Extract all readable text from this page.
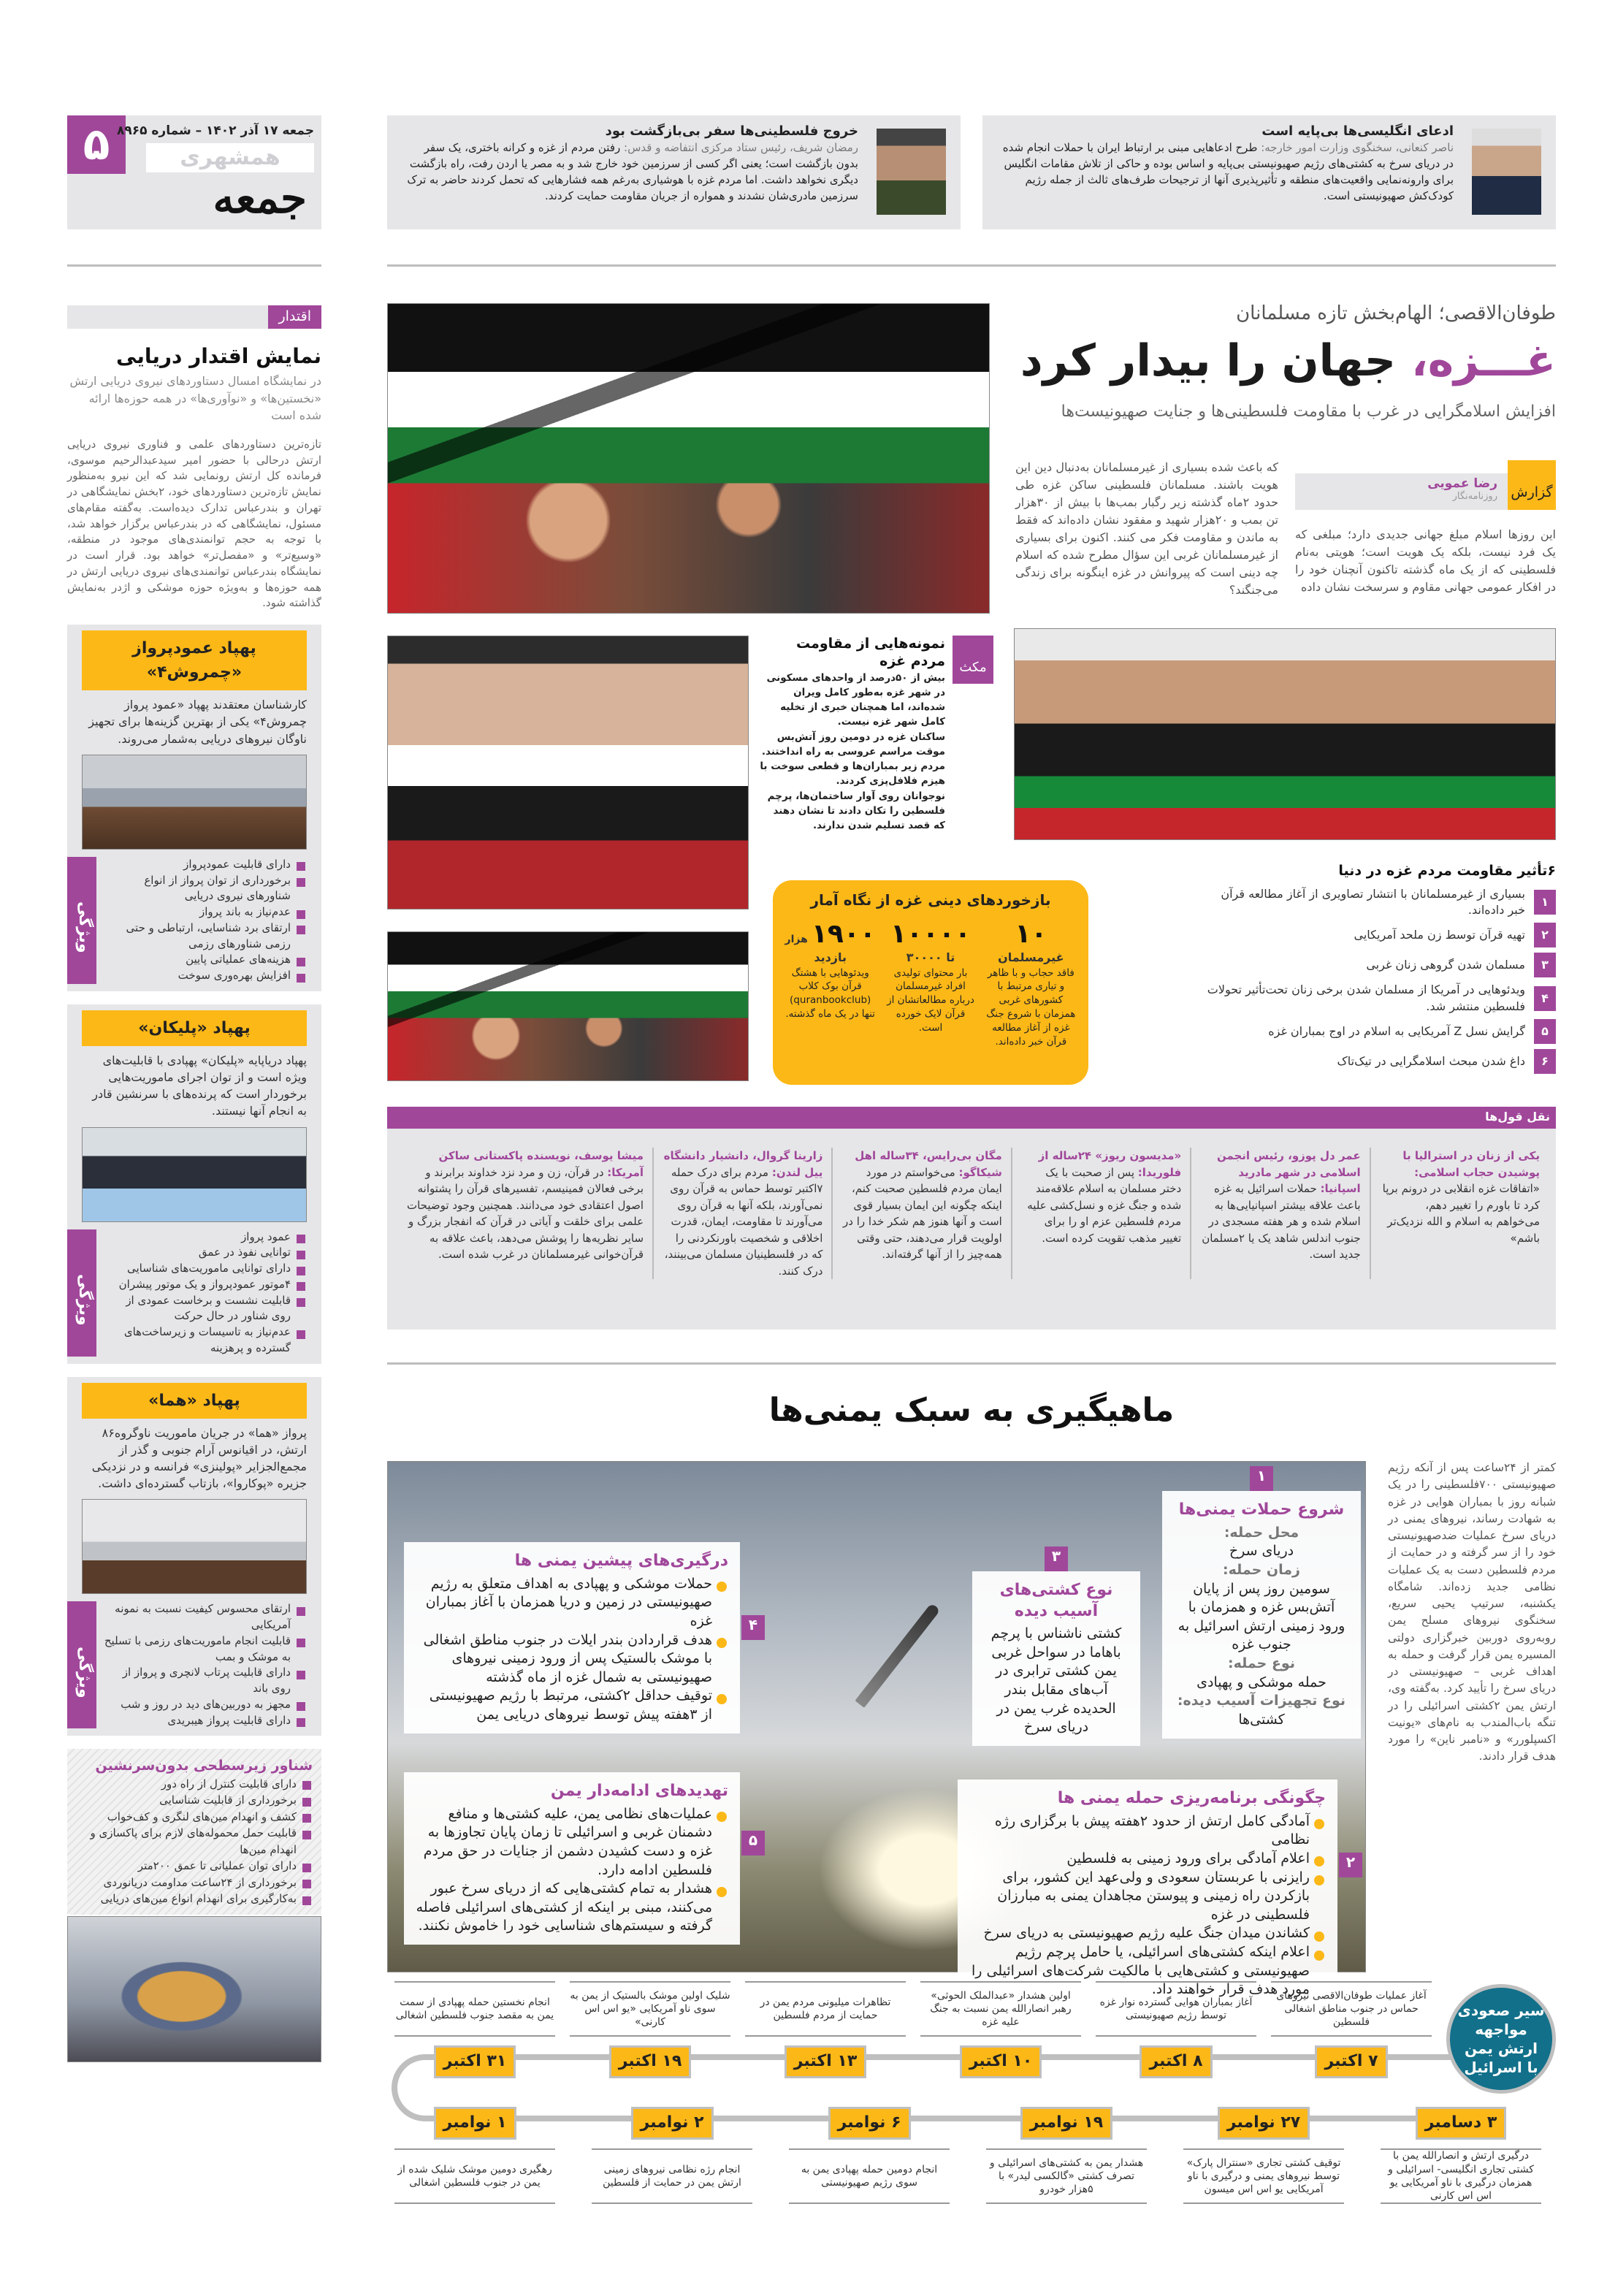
۵ جمعه ۱۷ آذر ۱۴۰۲ – شماره ۸۹۶۵
همشهری
جمعه
ادعای انگلیسی‌ها بی‌پایه است
ناصر کنعانی، سخنگوی وزارت امور خارجه: طرح ادعاهایی مبنی بر ارتباط ایران با حملات انجام شده در دریای سرخ به کشتی‌های رژیم صهیونیستی بی‌پایه و اساس بوده و حاکی از تلاش مقامات انگلیس برای وارونه‌نمایی واقعیت‌های منطقه و تأثیرپذیری آنها از ترجیحات طرف‌های ثالث از جمله رژیم کودک‌کش صهیونیستی است.
خروج فلسطینی‌ها سفر بی‌بازگشت بود
رمضان شریف، رئیس ستاد مرکزی انتفاضه و قدس: رفتن مردم از غزه و کرانه باختری، یک سفر بدون بازگشت است؛ یعنی اگر کسی از سرزمین خود خارج شد و به مصر یا اردن رفت، راه بازگشت دیگری نخواهد داشت. اما مردم غزه با هوشیاری به‌رغم همه فشارهایی که تحمل کردند حاضر به ترک سرزمین مادری‌شان نشدند و همواره از جریان مقاومت حمایت کردند.
اقتدار
نمایش اقتدار دریایی

در نمایشگاه امسال دستاوردهای نیروی دریایی ارتش «نخستین‌ها» و «نوآوری‌ها» در همه حوزه‌ها ارائه شده است

تازه‌ترین دستاوردهای علمی و فناوری نیروی دریایی ارتش درحالی با حضور امیر سیدعبدالرحیم موسوی، فرمانده کل ارتش رونمایی شد که این نیرو به‌منظور نمایش تازه‌ترین دستاوردهای خود، ۲بخش نمایشگاهی در تهران و بندرعباس تدارک دیده‌است. به‌گفته مقام‌های مسئول، نمایشگاهی که در بندرعباس برگزار خواهد شد، با توجه به حجم توانمندی‌های موجود در منطقه، «وسیع‌تر» و «مفصل‌تر» خواهد بود. قرار است در نمایشگاه بندرعباس توانمندی‌های نیروی دریایی ارتش در همه حوزه‌ها و به‌ویژه حوزه موشکی و اژدر به‌نمایش گذاشته شود.

پهپاد عمودپرواز «چمروش۴»

کارشناسان معتقدند پهپاد «عمود پرواز چمروش۴» یکی از بهترین گزینه‌ها برای تجهیز ناوگان نیروهای دریایی به‌شمار می‌روند.

دارای قابلیت عمودپرواز
برخورداری از توان پرواز از انواع شناورهای نیروی دریایی
عدم‌نیاز به باند پرواز
ارتقای برد شناسایی، ارتباطی و حتی رزمی شناورهای رزمی
هزینه‌های عملیاتی پایین
افزایش بهره‌وری سوخت
ویژگی
پهپاد «پلیکان»

پهپاد دریاپایه «پلیکان» پهپادی با قابلیت‌های ویژه است و از توان اجرای ماموریت‌هایی برخوردار است که پرنده‌های با سرنشین قادر به انجام آنها نیستند.

عمود پرواز
توانایی نفوذ در عمق
دارای توانایی ماموریت‌های شناسایی
۴موتور عمودپرواز و یک موتور پیشران
قابلیت نشست و برخاست عمودی از روی شناور در حال حرکت
عدم‌نیاز به تاسیسات و زیرساخت‌های گسترده و پرهزینه
ویژگی
پهپاد «هما»

پرواز «هما» در جریان ماموریت ناوگروه۸۶ ارتش، در اقیانوس آرام جنوبی و گذر از مجمع‌الجزایر «پولینزی» فرانسه و در نزدیکی جزیره «پوکاروا»، بازتاب گسترده‌ای داشت.

ارتقای محسوس کیفیت نسبت به نمونه آمریکایی
قابلیت انجام ماموریت‌های رزمی با تسلیح به موشک و بمب
دارای قابلیت پرتاب لانچری و پرواز از روی باند
مجهز به دوربین‌های دید در روز و شب
دارای قابلیت پرواز هیبریدی
ویژگی
شناور زیرسطحی بدون‌سرنشین
دارای قابلیت کنترل از راه دور
برخورداری از قابلیت شناسایی
کشف و انهدام مین‌های لنگری و کف‌خواب
قابلیت حمل محموله‌های لازم برای پاکسازی و انهدام مین‌ها
دارای توان عملیاتی تا عمق ۲۰۰متر
برخورداری از ۲۴ساعت مداومت دریانوردی
به‌کارگیری برای انهدام انواع مین‌های دریایی
طوفان‌الاقصی؛ الهام‌بخش تازه مسلمانان
غـــزه، جهان را بیدار کرد
افزایش اسلامگرایی در غرب با مقاومت فلسطینی‌ها و جنایت صهیونیست‌ها
گزارش
رضا عمویی
روزنامه‌نگار

این روزها اسلام مبلغ جهانی جدیدی دارد؛ مبلغی که یک فرد نیست، بلکه یک هویت است؛ هویتی به‌نام فلسطینی که از یک ماه گذشته تاکنون آنچنان خود را در افکار عمومی جهانی مقاوم و سرسخت نشان داده

که باعث شده بسیاری از غیرمسلمانان به‌دنبال دین این هویت باشند. مسلمانان فلسطینی ساکن غزه طی حدود ۲ماه گذشته زیر رگبار بمب‌ها با بیش از ۳۰هزار تن بمب و ۲۰هزار شهید و مفقود نشان داده‌اند که فقط به ماندن و مقاومت فکر می کنند. اکنون برای بسیاری از غیرمسلمانان غربی این سؤال مطرح شده که اسلام چه دینی است که پیروانش در غزه اینگونه برای زندگی می‌جنگند؟

مکث
نمونه‌هایی از مقاومت مردم غزه

بیش از ۵۰درصد از واحدهای مسکونی در شهر غزه به‌طور کامل ویران شده‌اند، اما همچنان خبری از تخلیه کامل شهر غزه نیست.

ساکنان غزه در دومین روز آتش‌بس موقت مراسم عروسی به راه انداختند.

مردم زیر بمباران‌ها و قطعی سوخت با هیزم فلافل‌پزی کردند.

نوجوانان روی آوار ساختمان‌ها، پرچم فلسطین را تکان دادند تا نشان دهند که قصد تسلیم شدن ندارند.

بازخوردهای دینی غزه از نگاه آمار
۱۰
غیرمسلمان
فاقد حجاب و با ظاهر و تیاری مرتبط با کشورهای غربی همزمان با شروع جنگ غزه از آغاز مطالعه قرآن خبر داده‌اند.
۱۰۰۰۰
تا ۳۰۰۰۰
بار محتوای تولیدی افراد غیرمسلمان درباره مطالعاتشان از قرآن لایک خورده است.
۱۹۰۰ هزار
بازدید
ویدئوهایی با هشتگ قرآن بوک کلاب (quranbookclub) تنها در یک ماه گذشته.
۶تأثیر مقاومت مردم غزه در دنیا
۱
بسیاری از غیرمسلمانان با انتشار تصاویری از آغاز مطالعه قرآن خبر داده‌اند.
۲
تهیه قرآن توسط زن ملحد آمریکایی
۳
مسلمان شدن گروهی زنان غربی
۴
ویدئوهایی در آمریکا از مسلمان شدن برخی زنان تحت‌تأثیر تحولات فلسطین منتشر شد.
۵
گرایش نسل Z آمریکایی به اسلام در اوج بمباران غزه
۶
داغ شدن مبحث اسلامگرایی در تیک‌تاک
نقل قول‌ها
یکی از زنان در استرالیا با پوشیدن حجاب اسلامی: «اتفاقات غزه انقلابی در درونم برپا کرد تا باورم را تغییر دهم، می‌خواهم به اسلام و الله نزدیک‌تر باشم»
عمر دل پوزو، رئیس انجمن اسلامی در شهر مادرید اسپانیا: حملات اسرائیل به غزه باعث علاقه بیشتر اسپانیایی‌ها به اسلام شده و هر هفته مسجدی در جنوب اندلس شاهد یک یا ۲مسلمان جدید است.
«مدیسون ریوز» ۲۴ساله از فلوریدا: پس از صحبت با یک دختر مسلمان به اسلام علاقه‌مند شده و جنگ غزه و نسل‌کشی علیه مردم فلسطین عزم او را برای تغییر مذهب تقویت کرده است.
مگان بی‌رایس، ۳۴ساله اهل شیکاگو: می‌خواستم در مورد ایمان مردم فلسطین صحبت کنم، اینکه چگونه این ایمان بسیار قوی است و آنها هنوز هم شکر خدا را در اولویت قرار می‌دهند، حتی وقتی همه‌چیز را از آنها گرفته‌اند.
زارینا گروال، دانشیار دانشگاه ییل لندن: مردم برای درک حمله ۷اکتبر توسط حماس به قرآن روی نمی‌آورند، بلکه آنها به قرآن روی می‌آورند تا مقاومت، ایمان، قدرت اخلاقی و شخصیت باورنکردنی را که در فلسطینیان مسلمان می‌بینند، درک کنند.
میشا یوسف، نویسنده پاکستانی ساکن آمریکا: در قرآن، زن و مرد نزد خداوند برابرند و برخی فعالان فمینیسم، تفسیرهای قرآن را پشتوانه اصول اعتقادی خود می‌دانند. همچنین وجود توضیحات علمی برای خلقت و آیاتی در قرآن که انفجار بزرگ و سایر نظریه‌ها را پوشش می‌دهد، باعث علاقه به قرآن‌خوانی غیرمسلمانان در غرب شده است.
ماهیگیری به سبک یمنی‌ها

کمتر از ۲۴ساعت پس از آنکه رژیم صهیونیستی ۷۰۰فلسطینی را در یک شبانه روز با بمباران هوایی در غزه به شهادت رساند، نیروهای یمنی در دریای سرخ عملیات ضدصهیونیستی خود را از سر گرفته و در حمایت از مردم فلسطین دست به یک عملیات نظامی جدید زده‌اند. شامگاه یکشنبه، سرتیپ یحیی سریع، سخنگوی نیروهای مسلح یمن روبه‌روی دوربین خبرگزاری دولتی المسیره یمن قرار گرفت و حمله به اهداف غربی – صهیونیستی در دریای سرخ را تأیید کرد. به‌گفته وی، ارتش یمن ۲کشتی اسرائیلی را در تنگه باب‌المندب به نام‌های «یونیت اکسپلورر» و «نامبر ناین» را مورد هدف قرار دادند.

۱
شروع حملات یمنی‌ها
محل حمله:
دریای سرخ
زمان حمله:
سومین روز پس از پایان آتش‌بس غزه و همزمان با ورود زمینی ارتش اسرائیل به جنوب غزه
نوع حمله:
حمله موشکی و پهپادی
نوع تجهیزات آسیب دیده:
کشتی‌ها
۳
نوع کشتی‌های آسیب دیده
کشتی ناشناس با پرچم باهاما در سواحل غربی یمن کشتی ترابری در آب‌های مقابل بندر الحدیده غرب یمن در دریای سرخ
۴
درگیری‌های پیشین یمنی ها
حملات موشکی و پهپادی به اهداف متعلق به رژیم صهیونیستی در زمین و دریا همزمان با آغاز بمباران غزه
هدف قراردادن بندر ایلات در جنوب مناطق اشغالی با موشک بالستیک پس از ورود زمینی نیروهای صهیونیستی به شمال غزه از ماه گذشته
توقیف حداقل ۲کشتی، مرتبط با رژیم صهیونیستی از ۳هفته پیش توسط نیروهای دریایی یمن
۲
چگونگی برنامه‌ریزی حمله یمنی ها
آمادگی کامل ارتش از حدود ۲هفته پیش با برگزاری رژه نظامی
اعلام آمادگی برای ورود زمینی به فلسطین
رایزنی با عربستان سعودی و ولی‌عهد این کشور، برای بازکردن راه زمینی و پیوستن مجاهدان یمنی به مبارزان فلسطینی در غزه
کشاندن میدان جنگ علیه رژیم صهیونیستی به دریای سرخ
اعلام اینکه کشتی‌های اسرائیلی، یا حامل پرچم رژیم صهیونیستی و کشتی‌هایی با مالکیت شرکت‌های اسرائیلی را مورد هدف قرار خواهند داد.
۵
تهدیدهای ادامه‌دار یمن
عملیات‌های نظامی یمن، علیه کشتی‌ها و منافع دشمنان غربی و اسرائیلی تا زمان پایان تجاوزها به غزه و دست کشیدن دشمن از جنایات در حق مردم فلسطین ادامه دارد.
هشدار به تمام کشتی‌هایی که از دریای سرخ عبور می‌کنند، مبنی بر اینکه از کشتی‌های اسرائیلی فاصله گرفته و سیستم‌های شناسایی خود را خاموش نکنند.
سیر صعودی مواجهه ارتش یمن با اسرائیل
آغاز عملیات طوفان‌الاقصی نیروهای حماس در جنوب مناطق اشغالی فلسطین
۷ اکتبر
آغاز بمباران هوایی گسترده نوار غزه توسط رژیم صهیونیستی
۸ اکتبر
اولین هشدار «عبدالملک الحوثی» رهبر انصارالله یمن نسبت به جنگ علیه غزه
۱۰ اکتبر
تظاهرات میلیونی مردم یمن در حمایت از مردم فلسطین
۱۳ اکتبر
شلیک اولین موشک بالستیک از یمن به سوی ناو آمریکایی «یو اس اس کارنی»
۱۹ اکتبر
انجام نخستین حمله پهپادی از سمت یمن به مقصد جنوب فلسطین اشغالی
۳۱ اکتبر
۳ دسامبر
درگیری ارتش و انصارالله یمن با کشتی تجاری انگلیسی- اسرائیلی و همزمان درگیری با ناو آمریکایی یو اس اس کارنی
۲۷ نوامبر
توقیف کشتی تجاری «سنترال پارک» توسط نیروهای یمنی و درگیری با ناو آمریکایی یو اس اس میسون
۱۹ نوامبر
هشدار یمن به کشتی‌های اسرائیلی و تصرف کشتی «گالکسی لیدر» با ۵هزار خودرو
۶ نوامبر
انجام دومین حمله پهپادی یمن به سوی رژیم صهیونیستی
۲ نوامبر
انجام رژه نظامی نیروهای زمینی ارتش یمن در حمایت از فلسطین
۱ نوامبر
رهگیری دومین موشک شلیک شده از یمن در جنوب فلسطین اشغالی
